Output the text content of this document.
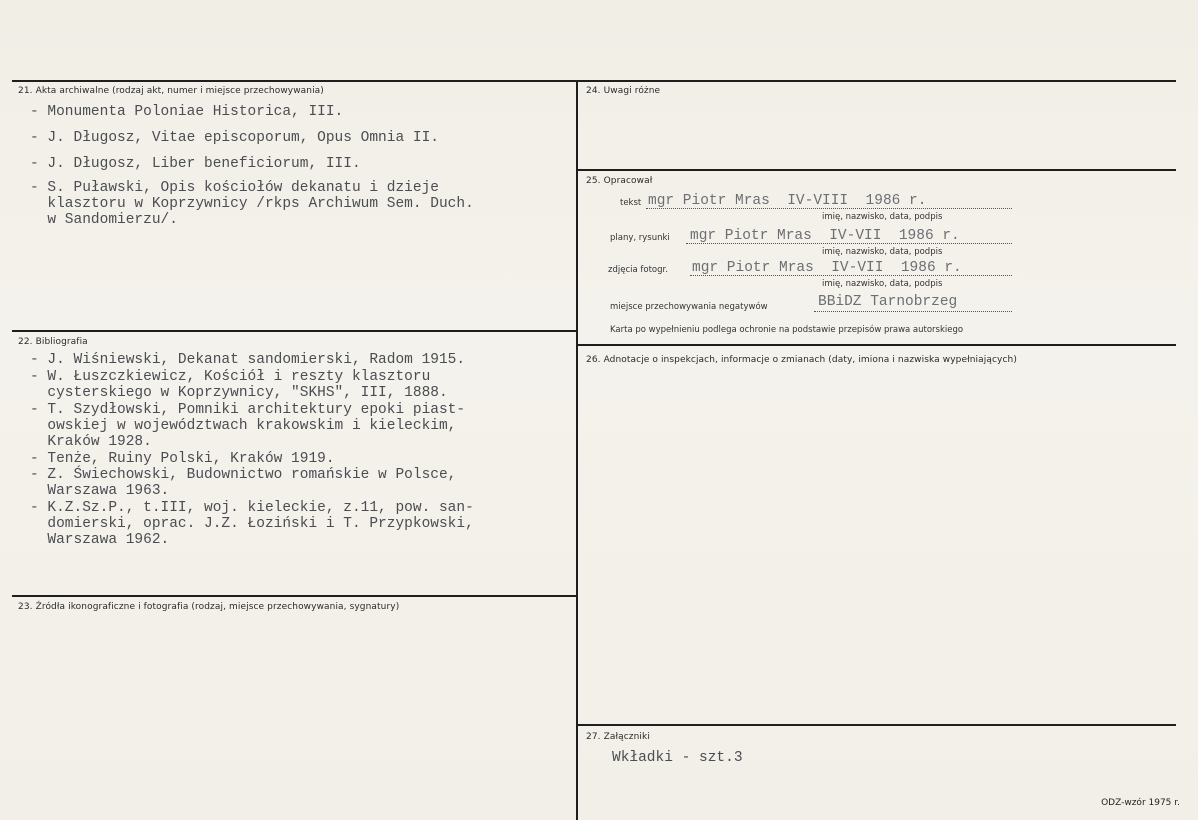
21. Akta archiwalne (rodzaj akt, numer i miejsce przechowywania)
- Monumenta Poloniae Historica, III.
- J. Długosz, Vitae episcoporum, Opus Omnia II.
- J. Długosz, Liber beneficiorum, III.
- S. Puławski, Opis kościołów dekanatu i dzieje
klasztoru w Koprzywnicy /rkps Archiwum Sem. Duch.
w Sandomierzu/.
22. Bibliografia
- J. Wiśniewski, Dekanat sandomierski, Radom 1915.
- W. Łuszczkiewicz, Kościół i reszty klasztoru
cysterskiego w Koprzywnicy, "SKHS", III, 1888.
- T. Szydłowski, Pomniki architektury epoki piast-
owskiej w województwach krakowskim i kieleckim,
Kraków 1928.
- Tenże, Ruiny Polski, Kraków 1919.
- Z. Świechowski, Budownictwo romańskie w Polsce,
Warszawa 1963.
- K.Z.Sz.P., t.III, woj. kieleckie, z.11, pow. san-
domierski, oprac. J.Z. Łoziński i T. Przypkowski,
Warszawa 1962.
23. Źródła ikonograficzne i fotografia (rodzaj, miejsce przechowywania, sygnatury)
24. Uwagi różne
25. Opracował
tekst mgr Piotr Mras  IV-VIII  1986 r.
imię, nazwisko, data, podpis
plany, rysunki mgr Piotr Mras  IV-VII  1986 r.
imię, nazwisko, data, podpis
zdjęcia fotogr. mgr Piotr Mras  IV-VII  1986 r.
imię, nazwisko, data, podpis
miejsce przechowywania negatywów	BBiDZ Tarnobrzeg
Karta po wypełnieniu podlega ochronie na podstawie przepisów prawa autorskiego
26. Adnotacje o inspekcjach, informacje o zmianach (daty, imiona i nazwiska wypełniających)
27. Załączniki
Wkładki - szt.3
ODZ-wzór 1975 r.
